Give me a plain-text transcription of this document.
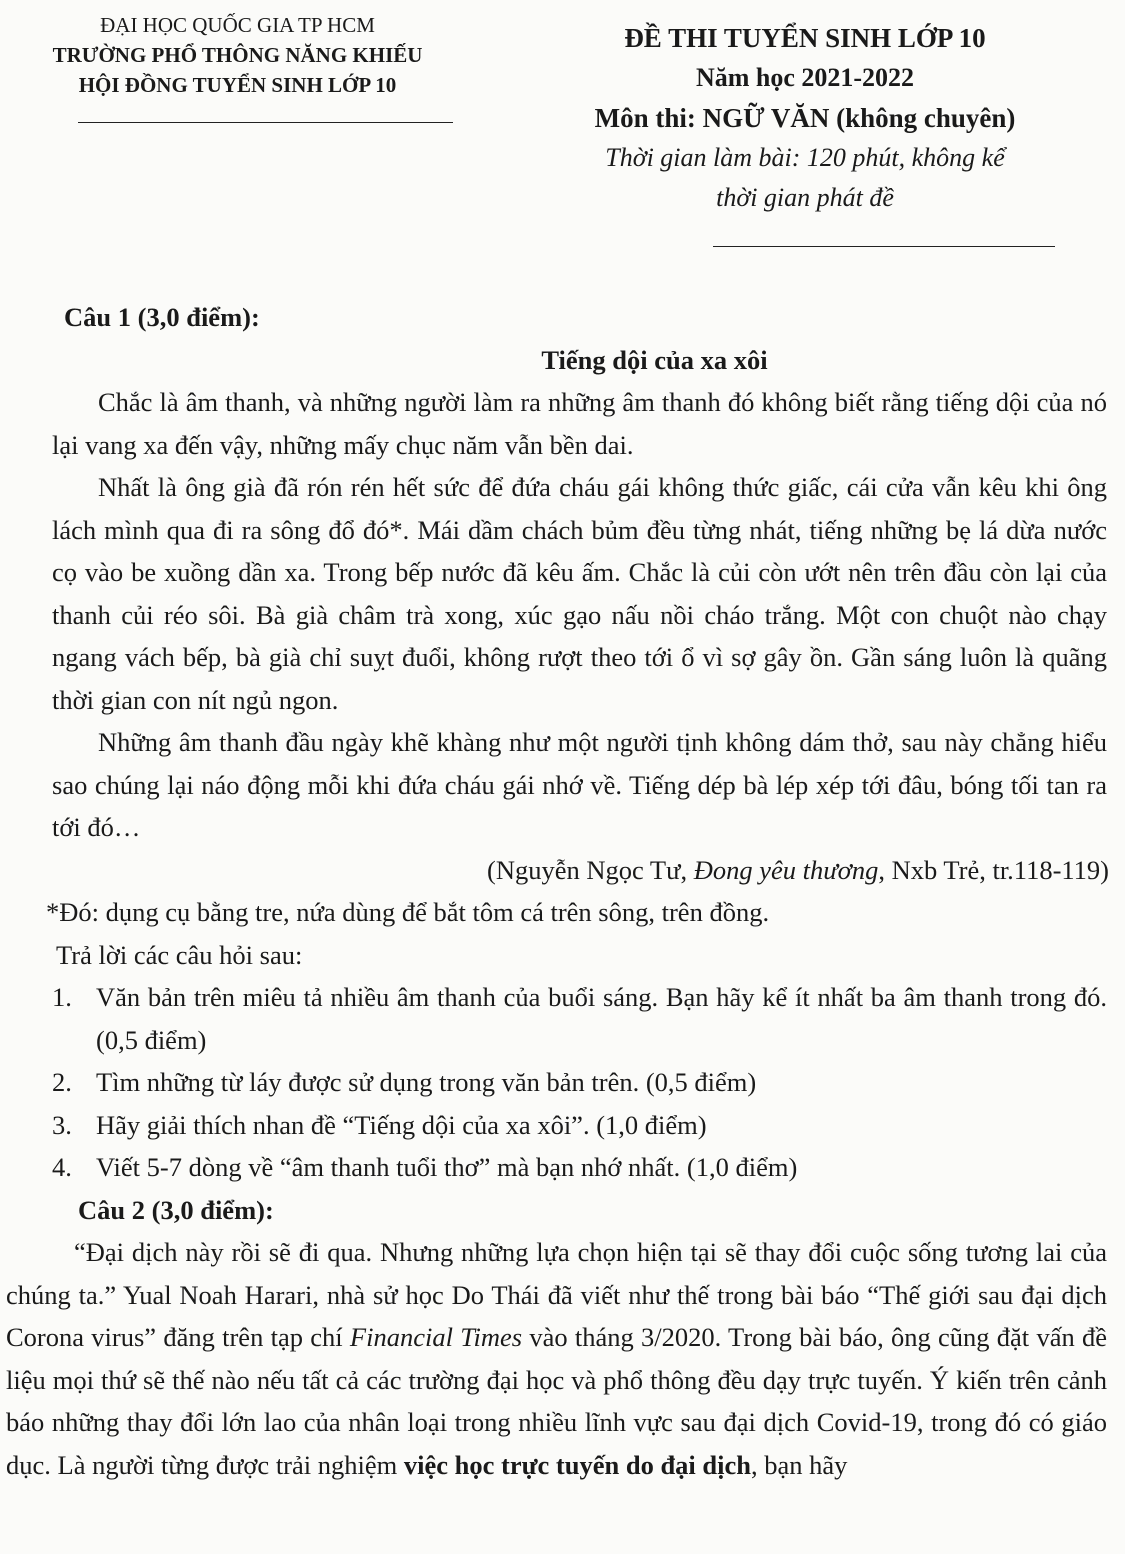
ĐẠI HỌC QUỐC GIA TP HCM
TRƯỜNG PHỔ THÔNG NĂNG KHIẾU
HỘI ĐỒNG TUYỂN SINH LỚP 10
ĐỀ THI TUYỂN SINH LỚP 10
Năm học 2021-2022
Môn thi: NGỮ VĂN (không chuyên)
Thời gian làm bài: 120 phút, không kể
thời gian phát đề
Câu 1 (3,0 điểm):
Tiếng dội của xa xôi

Chắc là âm thanh, và những người làm ra những âm thanh đó không biết rằng tiếng dội của nó lại vang xa đến vậy, những mấy chục năm vẫn bền dai.

Nhất là ông già đã rón rén hết sức để đứa cháu gái không thức giấc, cái cửa vẫn kêu khi ông lách mình qua đi ra sông đổ đó*. Mái dầm chách bủm đều từng nhát, tiếng những bẹ lá dừa nước cọ vào be xuồng dần xa. Trong bếp nước đã kêu ấm. Chắc là củi còn ướt nên trên đầu còn lại của thanh củi réo sôi. Bà già châm trà xong, xúc gạo nấu nồi cháo trắng. Một con chuột nào chạy ngang vách bếp, bà già chỉ suỵt đuổi, không rượt theo tới ổ vì sợ gây ồn. Gần sáng luôn là quãng thời gian con nít ngủ ngon.

Những âm thanh đầu ngày khẽ khàng như một người tịnh không dám thở, sau này chẳng hiểu sao chúng lại náo động mỗi khi đứa cháu gái nhớ về. Tiếng dép bà lép xép tới đâu, bóng tối tan ra tới đó…

(Nguyễn Ngọc Tư, Đong yêu thương, Nxb Trẻ, tr.118-119)
*Đó: dụng cụ bằng tre, nứa dùng để bắt tôm cá trên sông, trên đồng.
Trả lời các câu hỏi sau:
1. Văn bản trên miêu tả nhiều âm thanh của buổi sáng. Bạn hãy kể ít nhất ba âm thanh trong đó. (0,5 điểm)
2. Tìm những từ láy được sử dụng trong văn bản trên. (0,5 điểm)
3. Hãy giải thích nhan đề “Tiếng dội của xa xôi”. (1,0 điểm)
4. Viết 5-7 dòng về “âm thanh tuổi thơ” mà bạn nhớ nhất. (1,0 điểm)
Câu 2 (3,0 điểm):

“Đại dịch này rồi sẽ đi qua. Nhưng những lựa chọn hiện tại sẽ thay đổi cuộc sống tương lai của chúng ta.” Yual Noah Harari, nhà sử học Do Thái đã viết như thế trong bài báo “Thế giới sau đại dịch Corona virus” đăng trên tạp chí Financial Times vào tháng 3/2020. Trong bài báo, ông cũng đặt vấn đề liệu mọi thứ sẽ thế nào nếu tất cả các trường đại học và phổ thông đều dạy trực tuyến. Ý kiến trên cảnh báo những thay đổi lớn lao của nhân loại trong nhiều lĩnh vực sau đại dịch Covid-19, trong đó có giáo dục. Là người từng được trải nghiệm việc học trực tuyến do đại dịch, bạn hãy
